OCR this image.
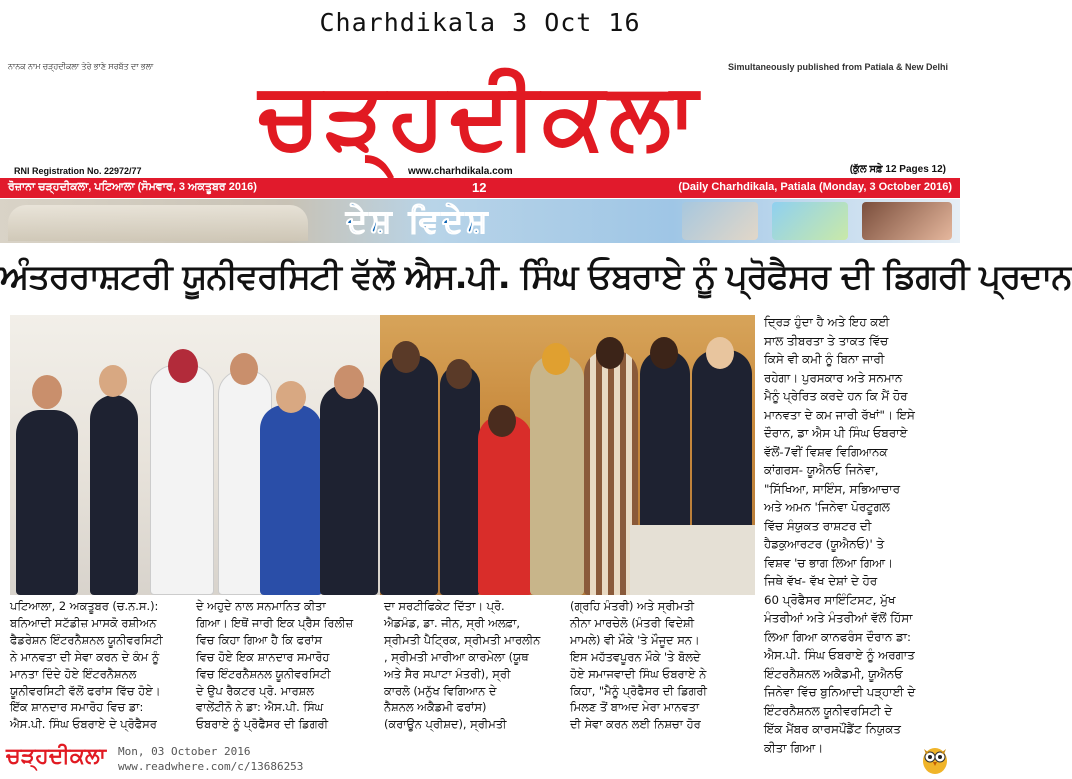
Charhdikala 3 Oct 16
ਨਾਨਕ ਨਾਮ ਚੜ੍ਹਦੀਕਲਾ ਤੇਰੇ ਭਾਣੇ ਸਰਬੱਤ ਦਾ ਭਲਾ	Simultaneously published from Patiala & New Delhi
ਚੜ੍ਹਦੀਕਲਾ
RNI Registration No. 22972/77	www.charhdikala.com	(ਕੁੱਲ ਸਫ਼ੇ 12 Pages 12)
ਰੋਜ਼ਾਨਾ ਚੜ੍ਹਦੀਕਲਾ, ਪਟਿਆਲਾ (ਸੋਮਵਾਰ, 3 ਅਕਤੂਬਰ 2016)	12	(Daily Charhdikala, Patiala (Monday, 3 October 2016)
ਦੇਸ਼ ਵਿਦੇਸ਼
ਅੰਤਰਰਾਸ਼ਟਰੀ ਯੂਨੀਵਰਸਿਟੀ ਵੱਲੋਂ ਐਸ.ਪੀ. ਸਿੰਘ ਓਬਰਾਏ ਨੂੰ ਪ੍ਰੋਫੈਸਰ ਦੀ ਡਿਗਰੀ ਪ੍ਰਦਾਨ

ਪਟਿਆਲਾ, 2 ਅਕਤੂਬਰ (ਚ.ਨ.ਸ.):

ਬਨਿਆਦੀ ਸਟੱਡੀਜ਼ ਮਾਸਕੋ ਰਸ਼ੀਅਨ

ਫੈਡਰੇਸ਼ਨ ਇੰਟਰਨੈਸ਼ਨਲ ਯੂਨੀਵਰਸਿਟੀ

ਨੇ ਮਾਨਵਤਾ ਦੀ ਸੇਵਾ ਕਰਨ ਦੇ ਕੰਮ ਨੂੰ

ਮਾਨਤਾ ਦਿੰਦੇ ਹੋਏ ਇੰਟਰਨੈਸ਼ਨਲ

ਯੂਨੀਵਰਸਿਟੀ ਵੱਲੋਂ ਫਰਾਂਸ ਵਿੱਚ ਹੋਏ।

ਇੱਕ ਸ਼ਾਨਦਾਰ ਸਮਾਰੋਹ ਵਿਚ ਡਾ:

ਐਸ.ਪੀ. ਸਿੰਘ ਓਬਰਾਏ ਦੇ ਪ੍ਰੋਫੈਸਰ

ਦੇ ਅਹੁਦੇ ਨਾਲ ਸਨਮਾਨਿਤ ਕੀਤਾ

ਗਿਆ। ਇਥੋਂ ਜਾਰੀ ਇਕ ਪ੍ਰੈਸ ਰਿਲੀਜ਼

ਵਿਚ ਕਿਹਾ ਗਿਆ ਹੈ ਕਿ ਫਰਾਂਸ

ਵਿਚ ਹੋਏ ਇਕ ਸ਼ਾਨਦਾਰ ਸਮਾਰੋਹ

ਵਿਚ ਇੰਟਰਨੈਸ਼ਨਲ ਯੂਨੀਵਰਸਿਟੀ

ਦੇ ਉਪ ਰੈਕਟਰ ਪ੍ਰੋ. ਮਾਰਸ਼ਲ

ਵਾਲੇਂਟੀਨੋ ਨੇ ਡਾ: ਐਸ.ਪੀ. ਸਿੰਘ

ਓਬਰਾਏ ਨੂੰ ਪ੍ਰੋਫੈਸਰ ਦੀ ਡਿਗਰੀ

ਦਾ ਸਰਟੀਫਿਕੇਟ ਦਿੱਤਾ। ਪ੍ਰੋ.

ਐਡਮੰਡ, ਡਾ. ਜੀਨ, ਸ੍ਰੀ ਅਲਫ਼ਾ,

ਸ੍ਰੀਮਤੀ ਪੈਟ੍ਰਿਕ, ਸ੍ਰੀਮਤੀ ਮਾਰਲੀਨ

, ਸ੍ਰੀਮਤੀ ਮਾਰੀਆ ਕਾਰਮੇਲਾ (ਯੂਥ

ਅਤੇ ਸੈਰ ਸਪਾਟਾ ਮੰਤਰੀ), ਸ੍ਰੀ

ਕਾਰਲੋ (ਮਨੁੱਖ ਵਿਗਿਆਨ ਦੇ

ਨੈਸ਼ਨਲ ਅਕੈਡਮੀ ਫਰਾਂਸ)

(ਕਰਾਊਨ ਪ੍ਰੀਸ਼ਦ), ਸ੍ਰੀਮਤੀ

(ਗ੍ਰਹਿ ਮੰਤਰੀ) ਅਤੇ ਸ੍ਰੀਮਤੀ

ਨੀਨਾ ਮਾਰਚੇਲੋ (ਮੰਤਰੀ ਵਿਦੇਸ਼ੀ

ਮਾਮਲੇ) ਵੀ ਮੌਕੇ 'ਤੇ ਮੌਜੂਦ ਸਨ।

ਇਸ ਮਹੱਤਵਪੂਰਨ ਮੌਕੇ 'ਤੇ ਬੋਲਦੇ

ਹੋਏ ਸਮਾਜਵਾਦੀ ਸਿੰਘ ਓਬਰਾਏ ਨੇ

ਕਿਹਾ, "ਮੈਨੂੰ ਪ੍ਰੋਫੈਸਰ ਦੀ ਡਿਗਰੀ

ਮਿਲਣ ਤੋਂ ਬਾਅਦ ਮੇਰਾ ਮਾਨਵਤਾ

ਦੀ ਸੇਵਾ ਕਰਨ ਲਈ ਨਿਸ਼ਚਾ ਹੋਰ

ਦ੍ਰਿੜ ਹੁੰਦਾ ਹੈ ਅਤੇ ਇਹ ਕਈ

ਸਾਲ ਤੀਬਰਤਾ ਤੇ ਤਾਕਤ ਵਿੱਚ

ਕਿਸੇ ਵੀ ਕਮੀ ਨੂੰ ਬਿਨਾ ਜਾਰੀ

ਰਹੇਗਾ। ਪੁਰਸਕਾਰ ਅਤੇ ਸਨਮਾਨ

ਮੈਨੂੰ ਪ੍ਰੇਰਿਤ ਕਰਦੇ ਹਨ ਕਿ ਮੈਂ ਹੋਰ

ਮਾਨਵਤਾ ਦੇ ਕਮ ਜਾਰੀ ਰੱਖਾਂ"। ਇਸੇ

ਦੌਰਾਨ, ਡਾ ਐਸ ਪੀ ਸਿੰਘ ਓਬਰਾਏ

ਵੱਲੋਂ-7ਵੀਂ ਵਿਸ਼ਵ ਵਿਗਿਆਨਕ

ਕਾਂਗਰਸ- ਯੂਐਨਓ ਜਿਨੇਵਾ,

"ਸਿੱਖਿਆ, ਸਾਇੰਸ, ਸਭਿਆਚਾਰ

ਅਤੇ ਅਮਨ 'ਜਿਨੇਵਾ ਪੋਰਟੂਗਲ

ਵਿੱਚ ਸੰਯੁਕਤ ਰਾਸ਼ਟਰ ਦੀ

ਹੈਡਕੁਆਰਟਰ (ਯੂਐਨਓ)' ਤੇ

ਵਿਸ਼ਵ 'ਚ ਭਾਗ ਲਿਆ ਗਿਆ।

ਜਿਥੇ ਵੱਖ- ਵੱਖ ਦੇਸ਼ਾਂ ਦੇ ਹੋਰ

60 ਪ੍ਰੋਫੈਸਰ ਸਾਇੰਟਿਸਟ, ਮੁੱਖ

ਮੰਤਰੀਆਂ ਅਤੇ ਮੰਤਰੀਆਂ ਵੱਲੋਂ ਹਿੱਸਾ

ਲਿਆ ਗਿਆ ਕਾਨਫਰੰਸ ਦੌਰਾਨ ਡਾ:

ਐਸ.ਪੀ. ਸਿੰਘ ਓਬਰਾਏ ਨੂੰ ਅਰਗਾਤ

ਇੰਟਰਨੈਸ਼ਨਲ ਅਕੈਡਮੀ, ਯੂਐਨਓ

ਜਿਨੇਵਾ ਵਿੱਚ ਬੁਨਿਆਦੀ ਪੜ੍ਹਾਈ ਦੇ

ਇੰਟਰਨੈਸ਼ਨਲ ਯੂਨੀਵਰਸਿਟੀ ਦੇ

ਇੱਕ ਮੈਂਬਰ ਕਾਰਸਪੌਂਡੈਂਟ ਨਿਯੁਕਤ

ਕੀਤਾ ਗਿਆ।

ਚੜ੍ਹਦੀਕਲਾ Mon, 03 October 2016
www.readwhere.com/c/13686253
